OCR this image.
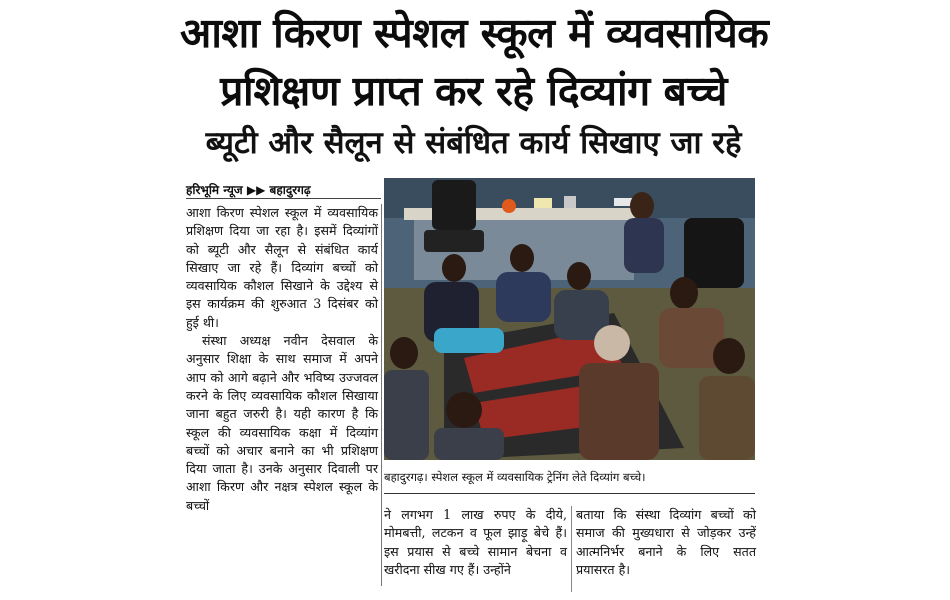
आशा किरण स्पेशल स्कूल में व्यवसायिक
प्रशिक्षण प्राप्त कर रहे दिव्यांग बच्चे
ब्यूटी और सैलून से संबंधित कार्य सिखाए जा रहे
हरिभूमि न्यूज ▶▶ बहादुरगढ़

आशा किरण स्पेशल स्कूल में व्यवसायिक प्रशिक्षण दिया जा रहा है। इसमें दिव्यांगों को ब्यूटी और सैलून से संबंधित कार्य सिखाए जा रहे हैं। दिव्यांग बच्चों को व्यवसायिक कौशल सिखाने के उद्देश्य से इस कार्यक्रम की शुरुआत 3 दिसंबर को हुई थी।

संस्था अध्यक्ष नवीन देसवाल के अनुसार शिक्षा के साथ समाज में अपने आप को आगे बढ़ाने और भविष्य उज्जवल करने के लिए व्यवसायिक कौशल सिखाया जाना बहुत जरुरी है। यही कारण है कि स्कूल की व्यवसायिक कक्षा में दिव्यांग बच्चों को अचार बनाने का भी प्रशिक्षण दिया जाता है। उनके अनुसार दिवाली पर आशा किरण और नक्षत्र स्पेशल स्कूल के बच्चों

बहादुरगढ़। स्पेशल स्कूल में व्यवसायिक ट्रेनिंग लेते दिव्यांग बच्चे।

ने लगभग 1 लाख रुपए के दीये, मोमबत्ती, लटकन व फूल झाड़ू बेचे हैं। इस प्रयास से बच्चे सामान बेचना व खरीदना सीख गए हैं। उन्होंने

बताया कि संस्था दिव्यांग बच्चों को समाज की मुख्यधारा से जोड़कर उन्हें आत्मनिर्भर बनाने के लिए सतत प्रयासरत है।
